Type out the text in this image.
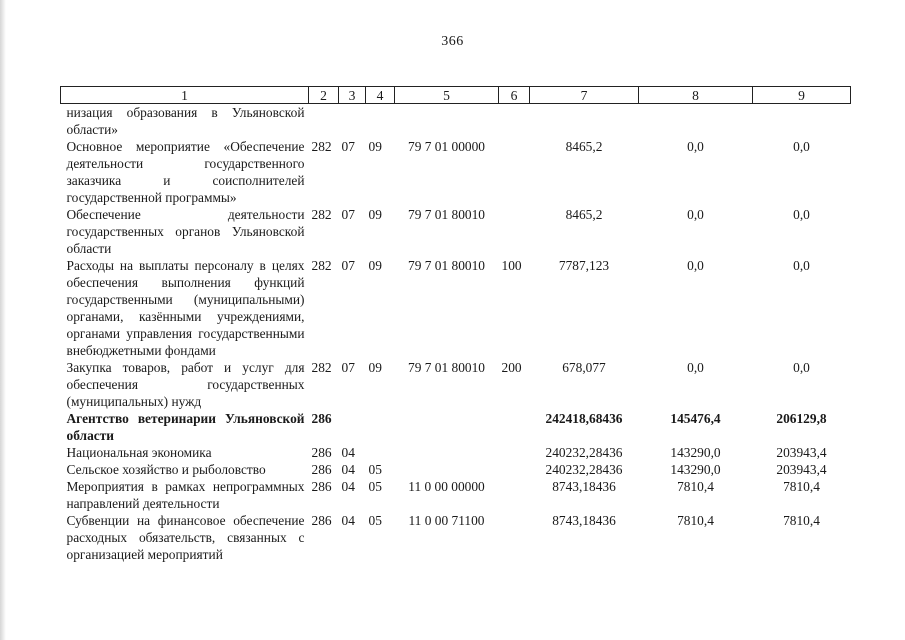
366
1	2	3	4	5	6	7	8	9
низация образования в Ульяновской области»								
Основное мероприятие «Обеспечение деятельности государственного заказчика и соисполнителей государственной программы»	282	07	09	79 7 01 00000		8465,2	0,0	0,0
Обеспечение деятельности государственных органов Ульяновской области	282	07	09	79 7 01 80010		8465,2	0,0	0,0
Расходы на выплаты персоналу в целях обеспечения выполнения функций государственными (муниципальными) органами, казёнными учреждениями, органами управления государственными внебюджетными фондами	282	07	09	79 7 01 80010	100	7787,123	0,0	0,0
Закупка товаров, работ и услуг для обеспечения государственных (муниципальных) нужд	282	07	09	79 7 01 80010	200	678,077	0,0	0,0
Агентство ветеринарии Ульяновской области	286					242418,68436	145476,4	206129,8
Национальная экономика	286	04				240232,28436	143290,0	203943,4
Сельское хозяйство и рыболовство	286	04	05			240232,28436	143290,0	203943,4
Мероприятия в рамках непрограммных направлений деятельности	286	04	05	11 0 00 00000		8743,18436	7810,4	7810,4
Субвенции на финансовое обеспечение расходных обязательств, связанных с организацией мероприятий	286	04	05	11 0 00 71100		8743,18436	7810,4	7810,4
